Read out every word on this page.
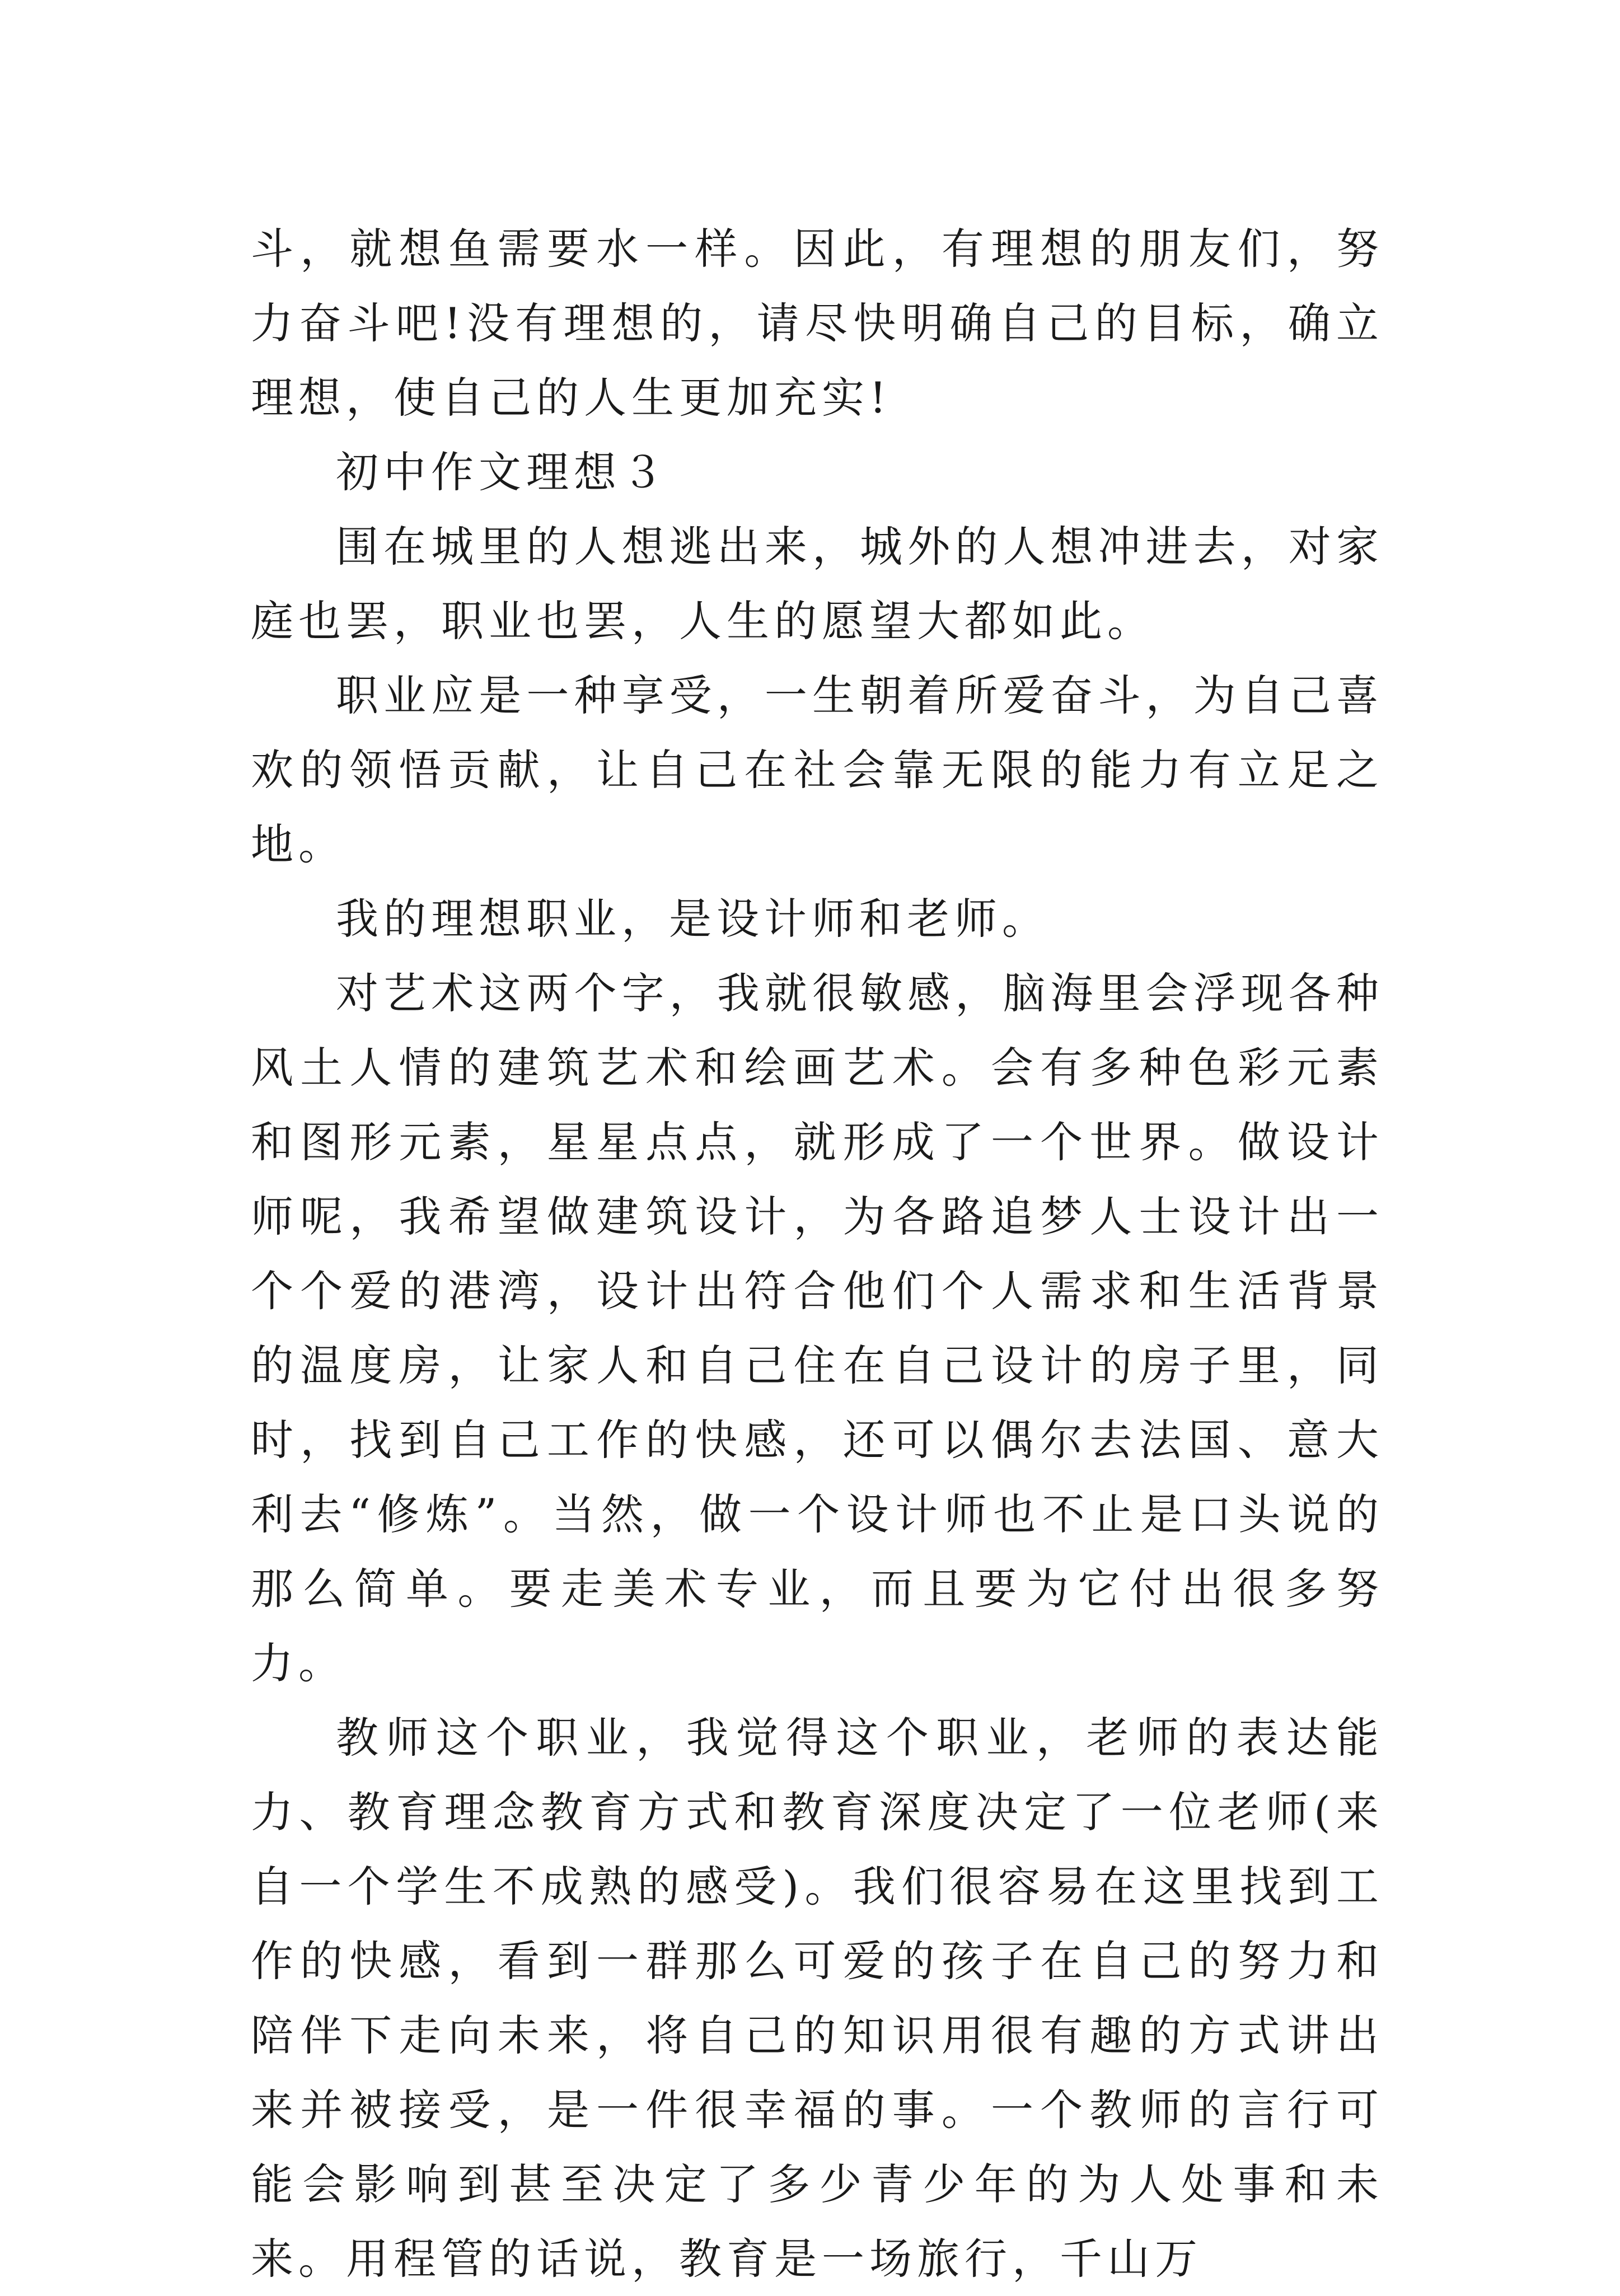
斗，就想鱼需要水一样。因此，有理想的朋友们，努力奋斗吧!没有理想的，请尽快明确自己的目标，确立理想，使自己的人生更加充实!

初中作文理想３

围在城里的人想逃出来，城外的人想冲进去，对家庭也罢，职业也罢，人生的愿望大都如此。

职业应是一种享受，一生朝着所爱奋斗，为自己喜欢的领悟贡献，让自己在社会靠无限的能力有立足之地。

我的理想职业，是设计师和老师。

对艺术这两个字，我就很敏感，脑海里会浮现各种风土人情的建筑艺术和绘画艺术。会有多种色彩元素和图形元素，星星点点，就形成了一个世界。做设计师呢，我希望做建筑设计，为各路追梦人士设计出一个个爱的港湾，设计出符合他们个人需求和生活背景的温度房，让家人和自己住在自己设计的房子里，同时，找到自己工作的快感，还可以偶尔去法国、意大利去“修炼”。当然，做一个设计师也不止是口头说的那么简单。要走美术专业，而且要为它付出很多努力。

教师这个职业，我觉得这个职业，老师的表达能力、教育理念教育方式和教育深度决定了一位老师(来自一个学生不成熟的感受)。我们很容易在这里找到工作的快感，看到一群那么可爱的孩子在自己的努力和陪伴下走向未来，将自己的知识用很有趣的方式讲出来并被接受，是一件很幸福的事。一个教师的言行可能会影响到甚至决定了多少青少年的为人处事和未来。用程管的话说，教育是一场旅行，千山万
